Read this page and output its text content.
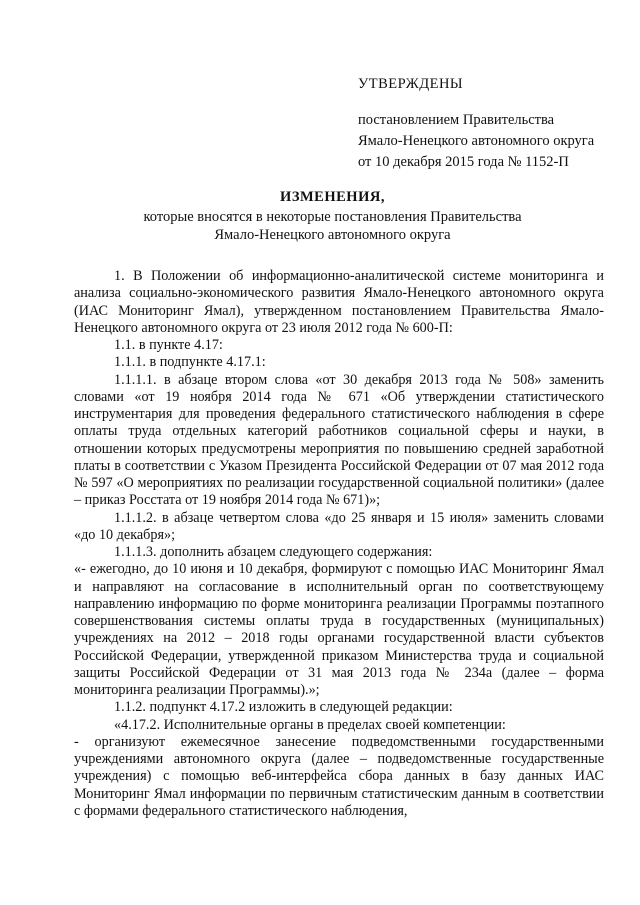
УТВЕРЖДЕНЫ
постановлением Правительства
Ямало-Ненецкого автономного округа
от 10 декабря 2015 года № 1152-П
ИЗМЕНЕНИЯ,
которые вносятся в некоторые постановления Правительства
Ямало-Ненецкого автономного округа

1. В Положении об информационно-аналитической системе мониторинга и анализа социально-экономического развития Ямало-Ненецкого автономного округа (ИАС Мониторинг Ямал), утвержденном постановлением Правительства Ямало-Ненецкого автономного округа от 23 июля 2012 года № 600-П:

1.1. в пункте 4.17:

1.1.1. в подпункте 4.17.1:

1.1.1.1. в абзаце втором слова «от 30 декабря 2013 года № 508» заменить словами «от 19 ноября 2014 года № 671 «Об утверждении статистического инструментария для проведения федерального статистического наблюдения в сфере оплаты труда отдельных категорий работников социальной сферы и науки, в отношении которых предусмотрены мероприятия по повышению средней заработной платы в соответствии с Указом Президента Российской Федерации от 07 мая 2012 года № 597 «О мероприятиях по реализации государственной социальной политики» (далее – приказ Росстата от 19 ноября 2014 года № 671)»;

1.1.1.2. в абзаце четвертом слова «до 25 января и 15 июля» заменить словами «до 10 декабря»;

1.1.1.3. дополнить абзацем следующего содержания:

«- ежегодно, до 10 июня и 10 декабря, формируют с помощью ИАС Мониторинг Ямал и направляют на согласование в исполнительный орган по соответствующему направлению информацию по форме мониторинга реализации Программы поэтапного совершенствования системы оплаты труда в государственных (муниципальных) учреждениях на 2012 – 2018 годы органами государственной власти субъектов Российской Федерации, утвержденной приказом Министерства труда и социальной защиты Российской Федерации от 31 мая 2013 года № 234а (далее – форма мониторинга реализации Программы).»;

1.1.2. подпункт 4.17.2 изложить в следующей редакции:

«4.17.2. Исполнительные органы в пределах своей компетенции:

- организуют ежемесячное занесение подведомственными государственными учреждениями автономного округа (далее – подведомственные государственные учреждения) с помощью веб-интерфейса сбора данных в базу данных ИАС Мониторинг Ямал информации по первичным статистическим данным в соответствии с формами федерального статистического наблюдения,
